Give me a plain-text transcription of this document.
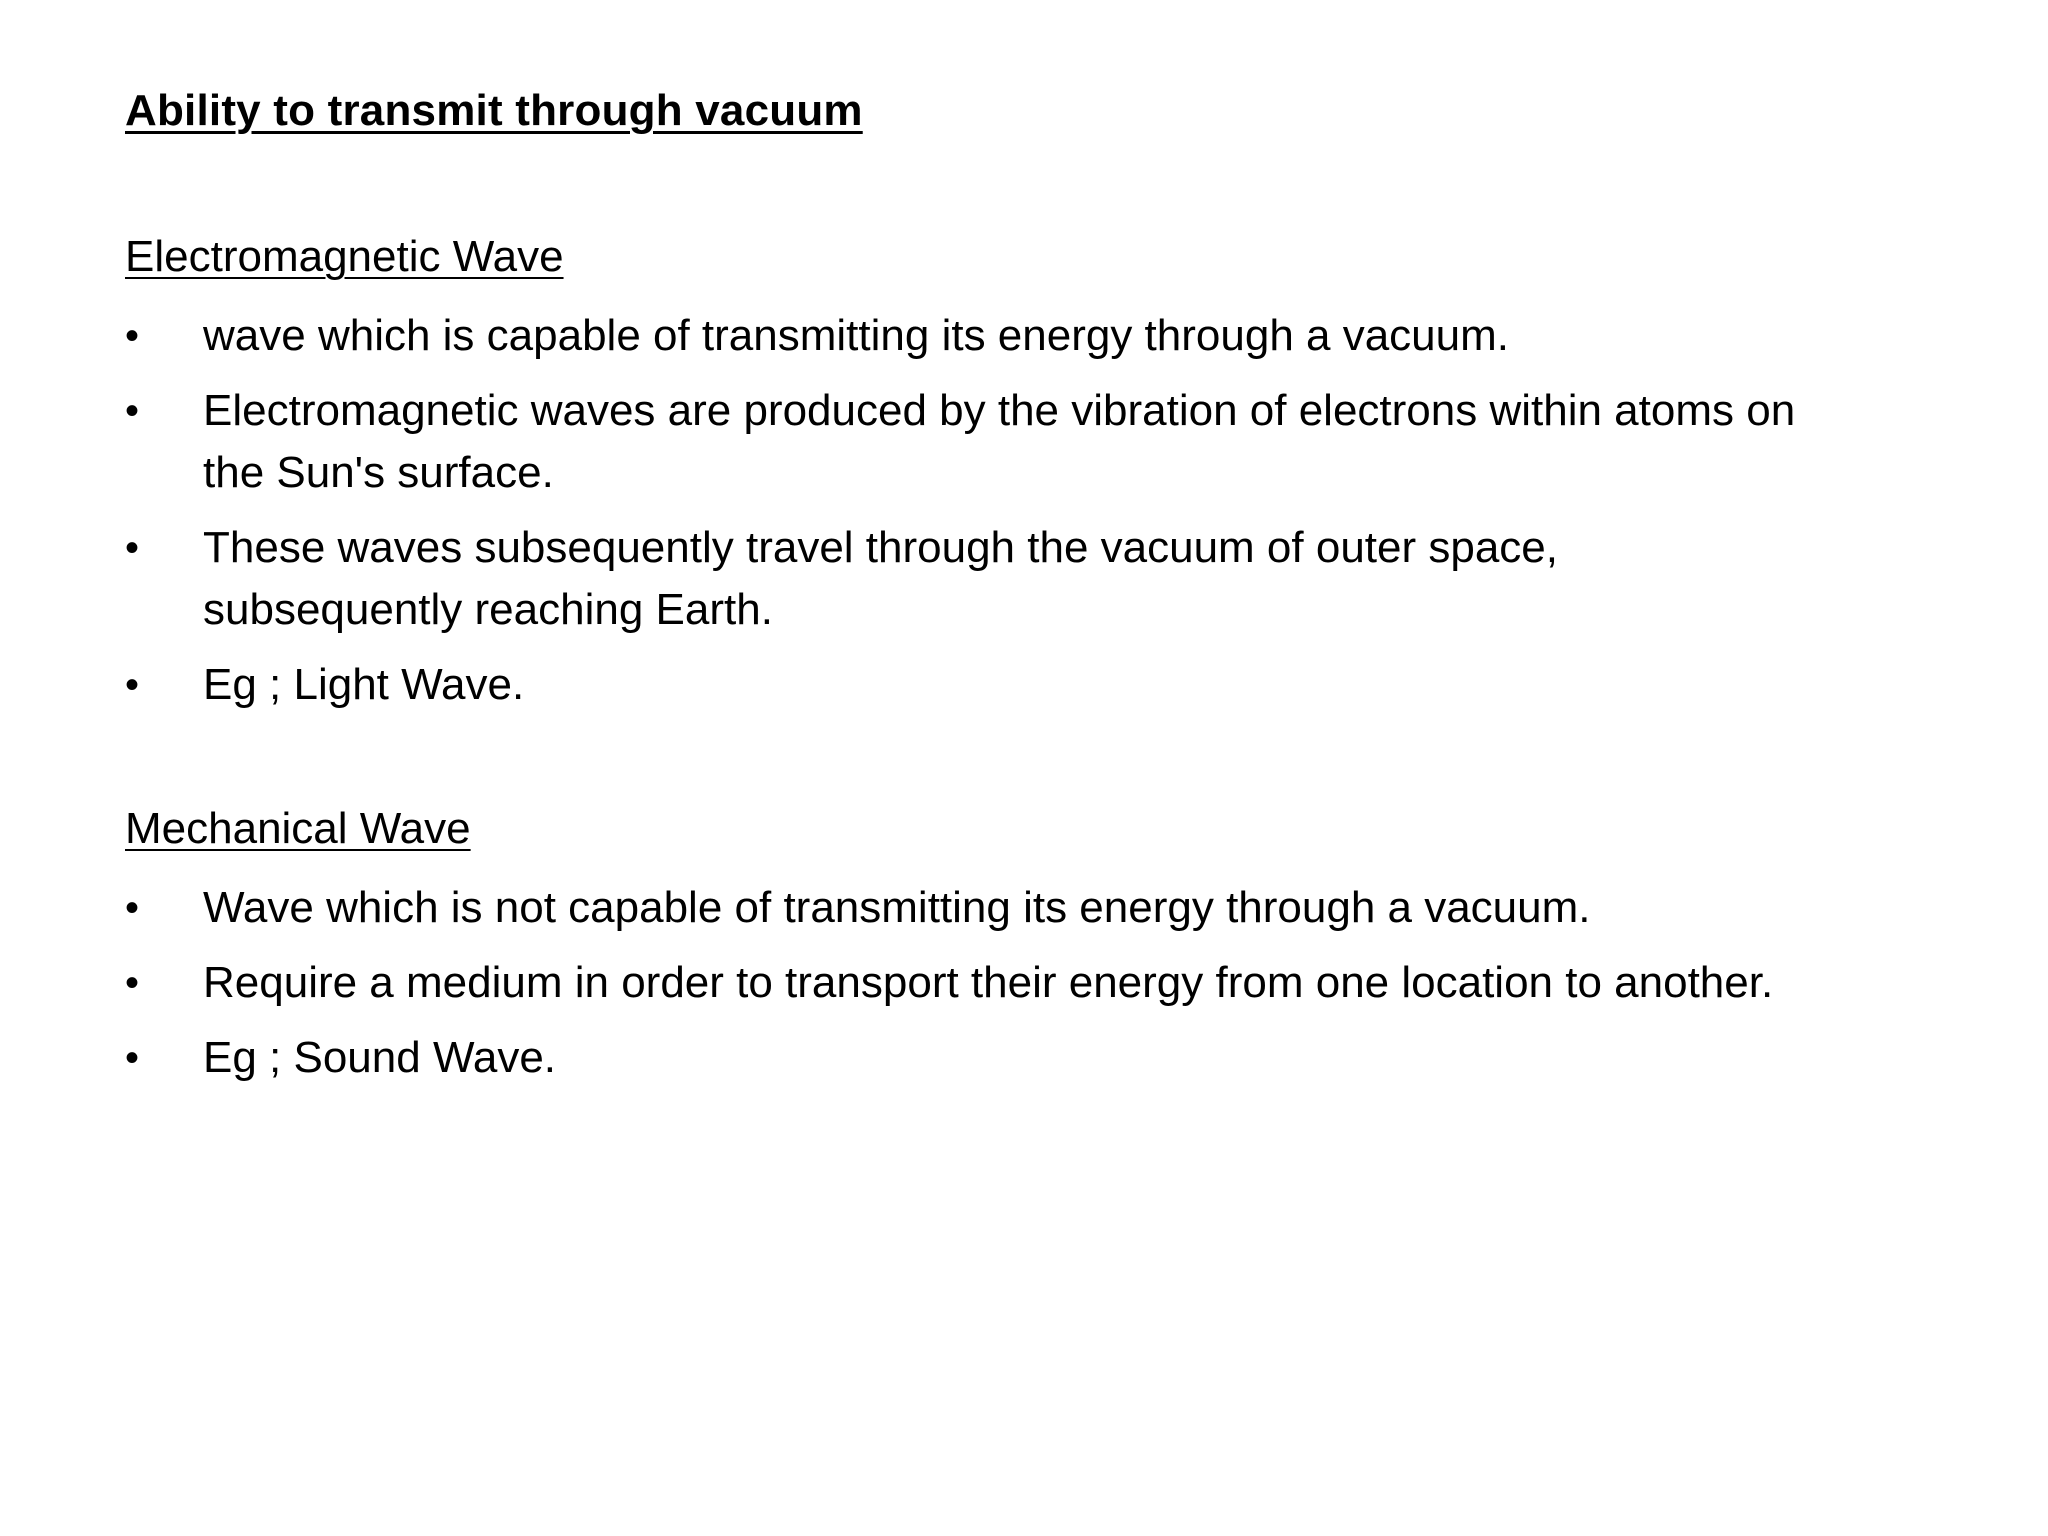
Ability to transmit through vacuum
Electromagnetic Wave
•	wave which is capable of transmitting its energy through a vacuum.
•	Electromagnetic waves are produced by the vibration of electrons within atoms on the Sun's surface.
•	These waves subsequently travel through the vacuum of outer space, subsequently reaching Earth.
•	Eg ; Light Wave.
Mechanical Wave
•	Wave which is not capable of transmitting its energy through a vacuum.
•	Require a medium in order to transport their energy from one location to another.
•	Eg ; Sound Wave.
